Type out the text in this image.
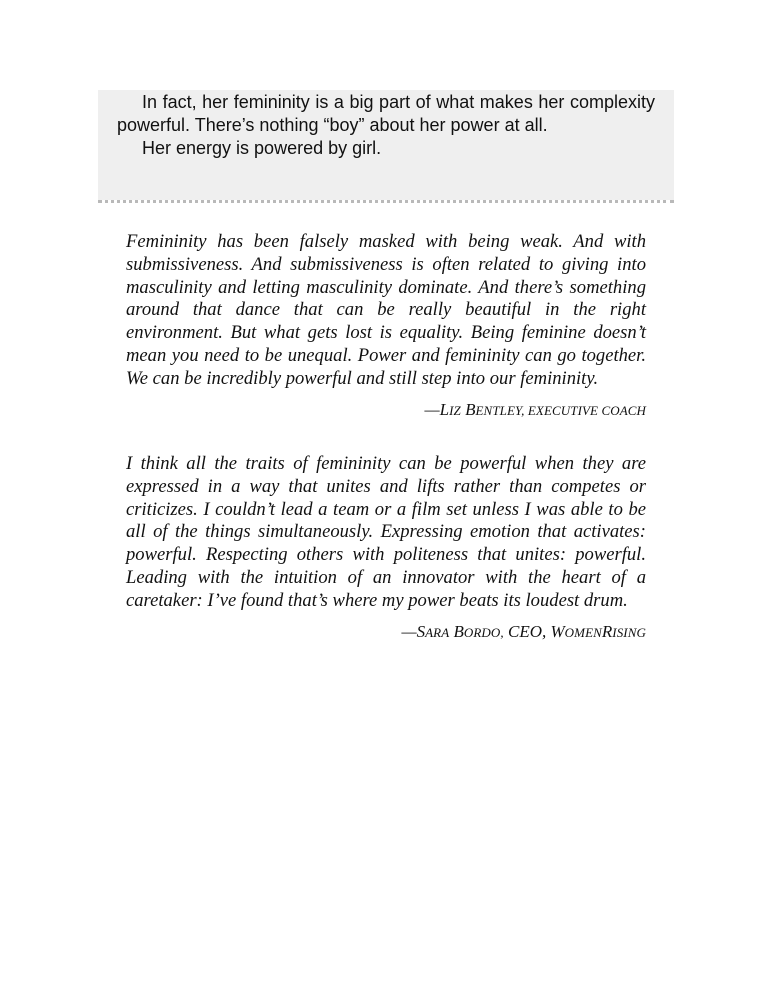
In fact, her femininity is a big part of what makes her complexity powerful. There’s nothing “boy” about her power at all.

Her energy is powered by girl.

Femininity has been falsely masked with being weak. And with submissiveness. And submissiveness is often related to giving into masculinity and letting masculinity dominate. And there’s something around that dance that can be really beautiful in the right environment. But what gets lost is equality. Being feminine doesn’t mean you need to be unequal. Power and femininity can go together. We can be incredibly powerful and still step into our femininity.

—LIZ BENTLEY, EXECUTIVE COACH

I think all the traits of femininity can be powerful when they are expressed in a way that unites and lifts rather than competes or criticizes. I couldn’t lead a team or a film set unless I was able to be all of the things simultaneously. Expressing emotion that activates: powerful. Respecting others with politeness that unites: powerful. Leading with the intuition of an innovator with the heart of a caretaker: I’ve found that’s where my power beats its loudest drum.

—SARA BORDO, CEO, WOMENRISING
